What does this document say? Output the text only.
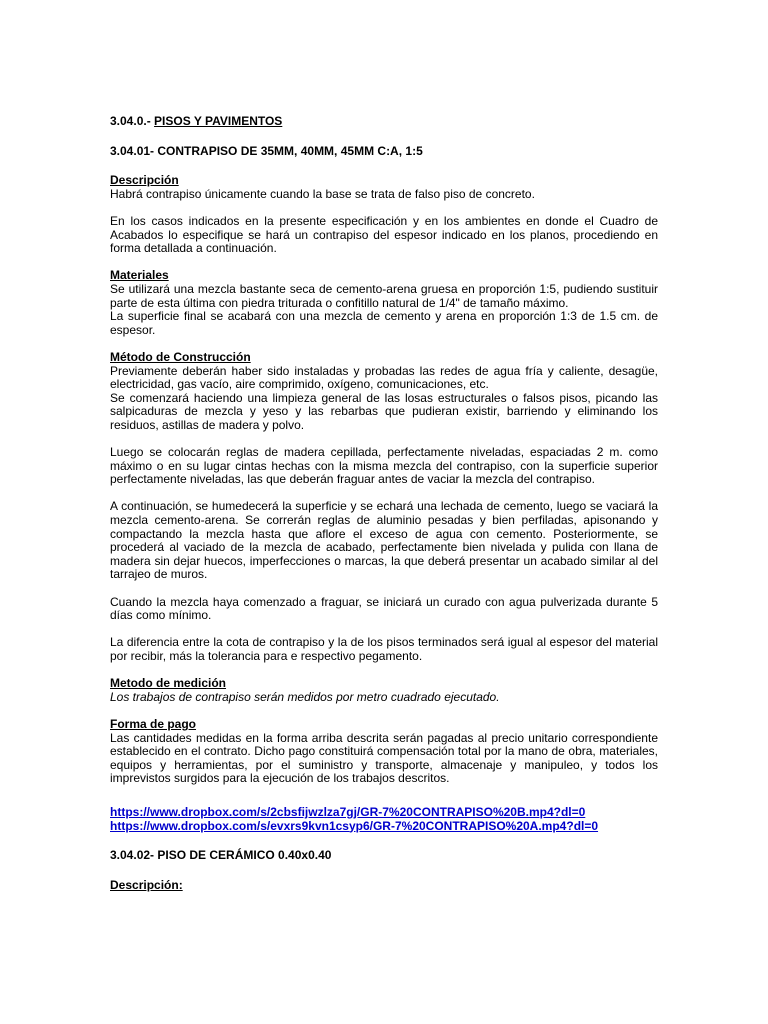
3.04.0.- PISOS Y PAVIMENTOS

3.04.01- CONTRAPISO DE 35MM, 40MM, 45MM C:A, 1:5

Descripción

Habrá contrapiso únicamente cuando la base se trata de falso piso de concreto.

En los casos indicados en la presente especificación y en los ambientes en donde el Cuadro de Acabados lo especifique se hará un contrapiso del espesor indicado en los planos, procediendo en forma detallada a continuación.

Materiales

Se utilizará una mezcla bastante seca de cemento-arena gruesa en proporción 1:5, pudiendo sustituir parte de esta última con piedra triturada o confitillo natural de 1/4" de tamaño máximo.

La superficie final se acabará con una mezcla de cemento y arena en proporción 1:3 de 1.5 cm. de espesor.

Método de Construcción

Previamente deberán haber sido instaladas y probadas las redes de agua fría y caliente, desagüe, electricidad, gas vacío, aire comprimido, oxígeno, comunicaciones, etc.

Se comenzará haciendo una limpieza general de las losas estructurales o falsos pisos, picando las salpicaduras de mezcla y yeso y las rebarbas que pudieran existir, barriendo y eliminando los residuos, astillas de madera y polvo.

Luego se colocarán reglas de madera cepillada, perfectamente niveladas, espaciadas 2 m. como máximo o en su lugar cintas hechas con la misma mezcla del contrapiso, con la superficie superior perfectamente niveladas, las que deberán fraguar antes de vaciar la mezcla del contrapiso.

A continuación, se humedecerá la superficie y se echará una lechada de cemento, luego se vaciará la mezcla cemento-arena. Se correrán reglas de aluminio pesadas y bien perfiladas, apisonando y compactando la mezcla hasta que aflore el exceso de agua con cemento. Posteriormente, se procederá al vaciado de la mezcla de acabado, perfectamente bien nivelada y pulida con llana de madera sin dejar huecos, imperfecciones o marcas, la que deberá presentar un acabado similar al del tarrajeo de muros.

Cuando la mezcla haya comenzado a fraguar, se iniciará un curado con agua pulverizada durante 5 días como mínimo.

La diferencia entre la cota de contrapiso y la de los pisos terminados será igual al espesor del material por recibir, más la tolerancia para e respectivo pegamento.

Metodo de medición

Los trabajos de contrapiso serán medidos por metro cuadrado ejecutado.

Forma de pago

Las cantidades medidas en la forma arriba descrita serán pagadas al precio unitario correspondiente establecido en el contrato. Dicho pago constituirá compensación total por la mano de obra, materiales, equipos y herramientas, por el suministro y transporte, almacenaje y manipuleo, y todos los imprevistos surgidos para la ejecución de los trabajos descritos.

https://www.dropbox.com/s/2cbsfijwzlza7gj/GR-7%20CONTRAPISO%20B.mp4?dl=0
https://www.dropbox.com/s/evxrs9kvn1csyp6/GR-7%20CONTRAPISO%20A.mp4?dl=0

3.04.02- PISO DE CERÁMICO 0.40x0.40

Descripción:
